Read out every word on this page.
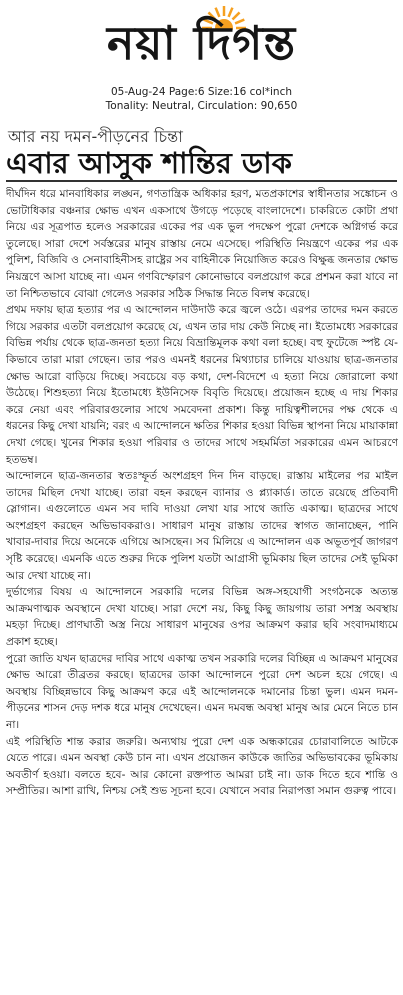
নয়া দিগন্ত
05-Aug-24 Page:6 Size:16 col*inch
Tonality: Neutral, Circulation: 90,650
আর নয় দমন-পীড়নের চিন্তা
এবার আসুক শান্তির ডাক

দীর্ঘদিন ধরে মানবাধিকার লঙ্ঘন, গণতান্ত্রিক অধিকার হরণ, মতপ্রকাশের স্বাধীনতার সঙ্কোচন ও ভোটাধিকার বঞ্চনার ক্ষোভ এখন একসাথে উগড়ে পড়েছে বাংলাদেশে। চাকরিতে কোটা প্রথা নিয়ে এর সূত্রপাত হলেও সরকারের একের পর এক ভুল পদক্ষেপ পুরো দেশকে অগ্নিগর্ভ করে তুলেছে। সারা দেশে সর্বস্তরের মানুষ রাস্তায় নেমে এসেছে। পরিস্থিতি নিয়ন্ত্রণে একের পর এক পুলিশ, বিজিবি ও সেনাবাহিনীসহ রাষ্ট্রের সব বাহিনীকে নিয়োজিত করেও বিক্ষুব্ধ জনতার ক্ষোভ নিয়ন্ত্রণে আসা যাচ্ছে না। এমন গণবিস্ফোরণ কোনোভাবে বলপ্রয়োগ করে প্রশমন করা যাবে না তা নিশ্চিতভাবে বোঝা গেলেও সরকার সঠিক সিদ্ধান্ত নিতে বিলম্ব করেছে।

প্রথম দফায় ছাত্র হত্যার পর এ আন্দোলন দাউদাউ করে জ্বলে ওঠে। এরপর তাদের দমন করতে গিয়ে সরকার এতটা বলপ্রয়োগ করেছে যে, এখন তার দায় কেউ নিচ্ছে না। ইতোমধ্যে সরকারের বিভিন্ন পর্যায় থেকে ছাত্র-জনতা হত্যা নিয়ে বিভ্রান্তিমূলক কথা বলা হচ্ছে। বহু ফুটেজে স্পষ্ট যে- কিভাবে তারা মারা গেছেন। তার পরও এমনই ধরনের মিথ্যাচার চালিয়ে যাওয়ায় ছাত্র-জনতার ক্ষোভ আরো বাড়িয়ে দিচ্ছে। সবচেয়ে বড় কথা, দেশ-বিদেশে এ হত্যা নিয়ে জোরালো কথা উঠেছে। শিশুহত্যা নিয়ে ইতোমধ্যে ইউনিসেফ বিবৃতি দিয়েছে। প্রয়োজন হচ্ছে এ দায় শিকার করে নেয়া এবং পরিবারগুলোর সাথে সমবেদনা প্রকাশ। কিন্তু দায়িত্বশীলদের পক্ষ থেকে এ ধরনের কিছু দেখা যায়নি; বরং এ আন্দোলনে ক্ষতির শিকার হওয়া বিভিন্ন স্থাপনা নিয়ে মায়াকান্না দেখা গেছে। খুনের শিকার হওয়া পরিবার ও তাদের সাথে সহমর্মিতা সরকারের এমন আচরণে হতভম্ব।

আন্দোলনে ছাত্র-জনতার স্বতঃস্ফূর্ত অংশগ্রহণ দিন দিন বাড়ছে। রাস্তায় মাইলের পর মাইল তাদের মিছিল দেখা যাচ্ছে। তারা বহন করছেন ব্যানার ও প্ল্যাকার্ড। তাতে রয়েছে প্রতিবাদী স্লোগান। এগুলোতে এমন সব দাবি দাওয়া লেখা যার সাথে জাতি একাত্ম। ছাত্রদের সাথে অংশগ্রহণ করছেন অভিভাবকরাও। সাধারণ মানুষ রাস্তায় তাদের স্বাগত জানাচ্ছেন, পানি খাবার-দাবার দিয়ে অনেকে এগিয়ে আসছেন। সব মিলিয়ে এ আন্দোলন এক অভূতপূর্ব জাগরণ সৃষ্টি করেছে। এমনকি এতে শুরুর দিকে পুলিশ যতটা আগ্রাসী ভূমিকায় ছিল তাদের সেই ভূমিকা আর দেখা যাচ্ছে না।

দুর্ভাগ্যের বিষয় এ আন্দোলনে সরকারি দলের বিভিন্ন অঙ্গ-সহযোগী সংগঠনকে অত্যন্ত আক্রমণাত্মক অবস্থানে দেখা যাচ্ছে। সারা দেশে নয়, কিছু কিছু জায়গায় তারা সশস্ত্র অবস্থায় মহড়া দিচ্ছে। প্রাণঘাতী অস্ত্র নিয়ে সাধারণ মানুষের ওপর আক্রমণ করার ছবি সংবাদমাধ্যমে প্রকাশ হচ্ছে।

পুরো জাতি যখন ছাত্রদের দাবির সাথে একাত্ম তখন সরকারি দলের বিচ্ছিন্ন এ আক্রমণ মানুষের ক্ষোভ আরো তীব্রতর করছে। ছাত্রদের ডাকা আন্দোলনে পুরো দেশ অচল হয়ে গেছে। এ অবস্থায় বিচ্ছিন্নভাবে কিছু আক্রমণ করে এই আন্দোলনকে দমানোর চিন্তা ভুল। এমন দমন-পীড়নের শাসন দেড় দশক ধরে মানুষ দেখেছেন। এমন দমবন্ধ অবস্থা মানুষ আর মেনে নিতে চান না।

এই পরিস্থিতি শান্ত করার জরুরি। অন্যথায় পুরো দেশ এক অন্ধকারের চোরাবালিতে আটকে যেতে পারে। এমন অবস্থা কেউ চান না। এখন প্রয়োজন কাউকে জাতির অভিভাবকের ভূমিকায় অবতীর্ণ হওয়া। বলতে হবে- আর কোনো রক্তপাত আমরা চাই না। ডাক দিতে হবে শান্তি ও সম্প্রীতির। আশা রাখি, নিশ্চয় সেই শুভ সূচনা হবে। যেখানে সবার নিরাপত্তা সমান গুরুত্ব পাবে।
